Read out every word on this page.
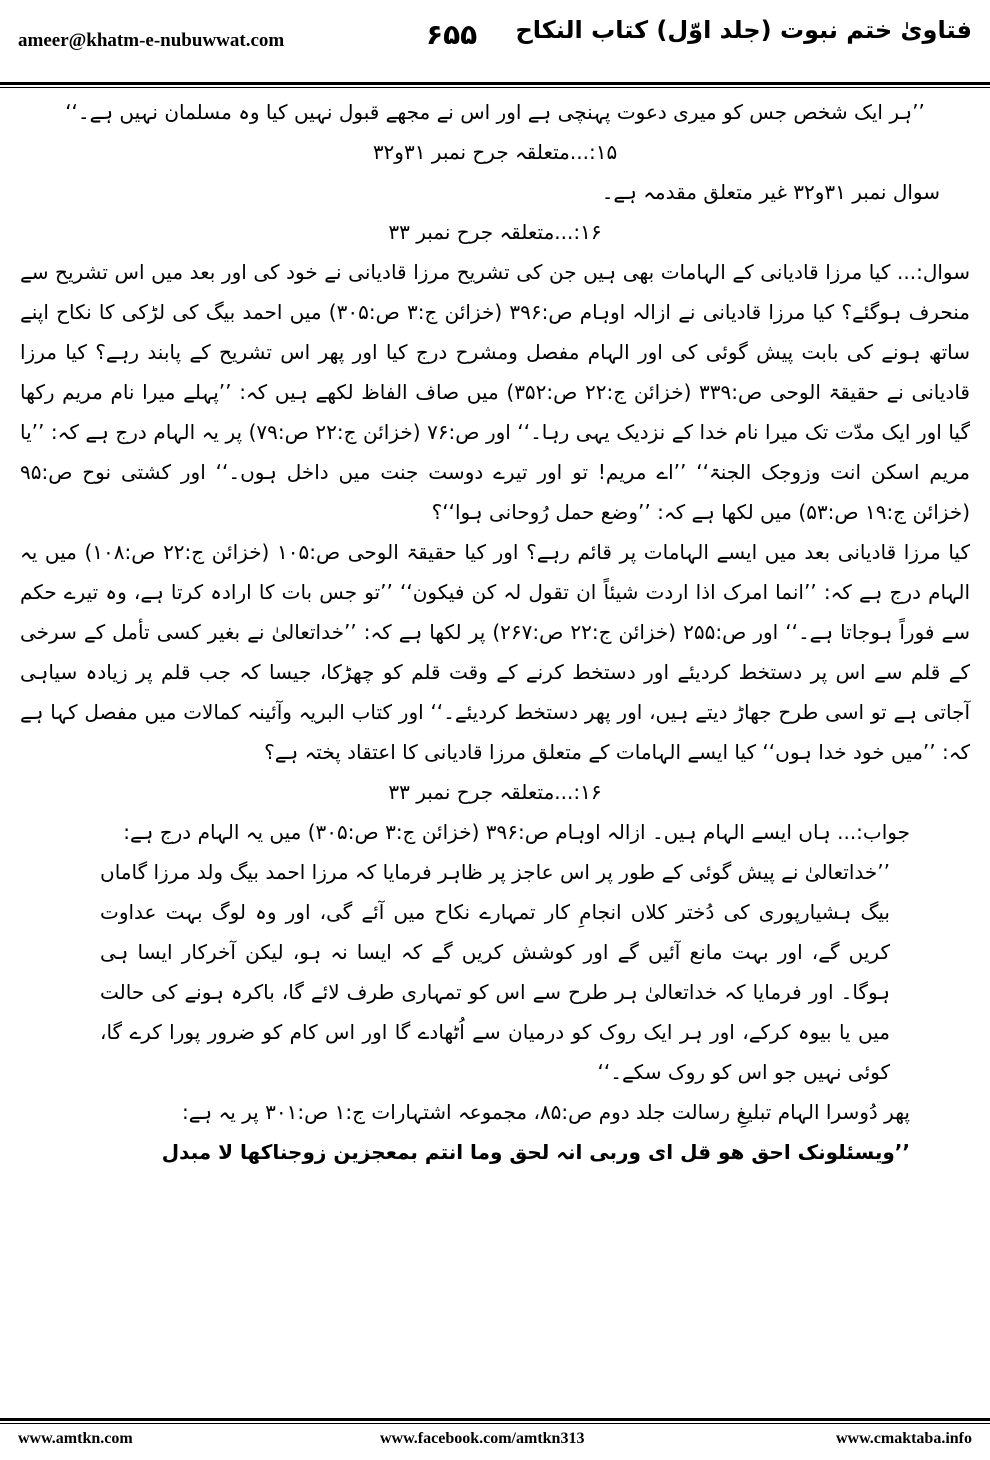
ameer@khatm-e-nubuwwat.com	۶۵۵ فتاویٰ ختم نبوت (جلد اوّل) کتاب النکاح

’’ہر ایک شخص جس کو میری دعوت پہنچی ہے اور اس نے مجھے قبول نہیں کیا وہ مسلمان نہیں ہے۔‘‘

۱۵:...متعلقہ جرح نمبر ۳۱و۳۲

سوال نمبر ۳۱و۳۲ غیر متعلق مقدمہ ہے۔

۱۶:...متعلقہ جرح نمبر ۳۳

سوال:... کیا مرزا قادیانی کے الہامات بھی ہیں جن کی تشریح مرزا قادیانی نے خود کی اور بعد میں اس تشریح سے منحرف ہوگئے؟ کیا مرزا قادیانی نے ازالہ اوہام ص:۳۹۶ (خزائن ج:۳ ص:۳۰۵) میں احمد بیگ کی لڑکی کا نکاح اپنے ساتھ ہونے کی بابت پیش گوئی کی اور الہام مفصل ومشرح درج کیا اور پھر اس تشریح کے پابند رہے؟ کیا مرزا قادیانی نے حقیقۃ الوحی ص:۳۳۹ (خزائن ج:۲۲ ص:۳۵۲) میں صاف الفاظ لکھے ہیں کہ: ’’پہلے میرا نام مریم رکھا گیا اور ایک مدّت تک میرا نام خدا کے نزدیک یہی رہا۔‘‘ اور ص:۷۶ (خزائن ج:۲۲ ص:۷۹) پر یہ الہام درج ہے کہ: ’’یا مریم اسکن انت وزوجک الجنۃ‘‘ ’’اے مریم! تو اور تیرے دوست جنت میں داخل ہوں۔‘‘ اور کشتی نوح ص:۹۵ (خزائن ج:۱۹ ص:۵۳) میں لکھا ہے کہ: ’’وضع حمل رُوحانی ہوا‘‘؟

کیا مرزا قادیانی بعد میں ایسے الہامات پر قائم رہے؟ اور کیا حقیقۃ الوحی ص:۱۰۵ (خزائن ج:۲۲ ص:۱۰۸) میں یہ الہام درج ہے کہ: ’’انما امرک اذا اردت شیئاً ان تقول لہ کن فیکون‘‘ ’’تو جس بات کا ارادہ کرتا ہے، وہ تیرے حکم سے فوراً ہوجاتا ہے۔‘‘ اور ص:۲۵۵ (خزائن ج:۲۲ ص:۲۶۷) پر لکھا ہے کہ: ’’خداتعالیٰ نے بغیر کسی تأمل کے سرخی کے قلم سے اس پر دستخط کردیئے اور دستخط کرنے کے وقت قلم کو چھڑکا، جیسا کہ جب قلم پر زیادہ سیاہی آجاتی ہے تو اسی طرح جھاڑ دیتے ہیں، اور پھر دستخط کردیئے۔‘‘ اور کتاب البریہ وآئینہ کمالات میں مفصل کہا ہے کہ: ’’میں خود خدا ہوں‘‘ کیا ایسے الہامات کے متعلق مرزا قادیانی کا اعتقاد پختہ ہے؟

۱۶:...متعلقہ جرح نمبر ۳۳

جواب:... ہاں ایسے الہام ہیں۔ ازالہ اوہام ص:۳۹۶ (خزائن ج:۳ ص:۳۰۵) میں یہ الہام درج ہے:

’’خداتعالیٰ نے پیش گوئی کے طور پر اس عاجز پر ظاہر فرمایا کہ مرزا احمد بیگ ولد مرزا گاماں بیگ ہشیارپوری کی دُختر کلاں انجامِ کار تمہارے نکاح میں آئے گی، اور وہ لوگ بہت عداوت کریں گے، اور بہت مانع آئیں گے اور کوشش کریں گے کہ ایسا نہ ہو، لیکن آخرکار ایسا ہی ہوگا۔ اور فرمایا کہ خداتعالیٰ ہر طرح سے اس کو تمہاری طرف لائے گا، باکرہ ہونے کی حالت میں یا بیوہ کرکے، اور ہر ایک روک کو درمیان سے اُٹھادے گا اور اس کام کو ضرور پورا کرے گا، کوئی نہیں جو اس کو روک سکے۔‘‘

پھر دُوسرا الہام تبلیغِ رسالت جلد دوم ص:۸۵، مجموعہ اشتہارات ج:۱ ص:۳۰۱ پر یہ ہے:

’’ویسئلونک احق ھو قل ای وربی انہ لحق وما انتم بمعجزین زوجناکھا لا مبدل

www.amtkn.com	www.facebook.com/amtkn313	www.cmaktaba.info
